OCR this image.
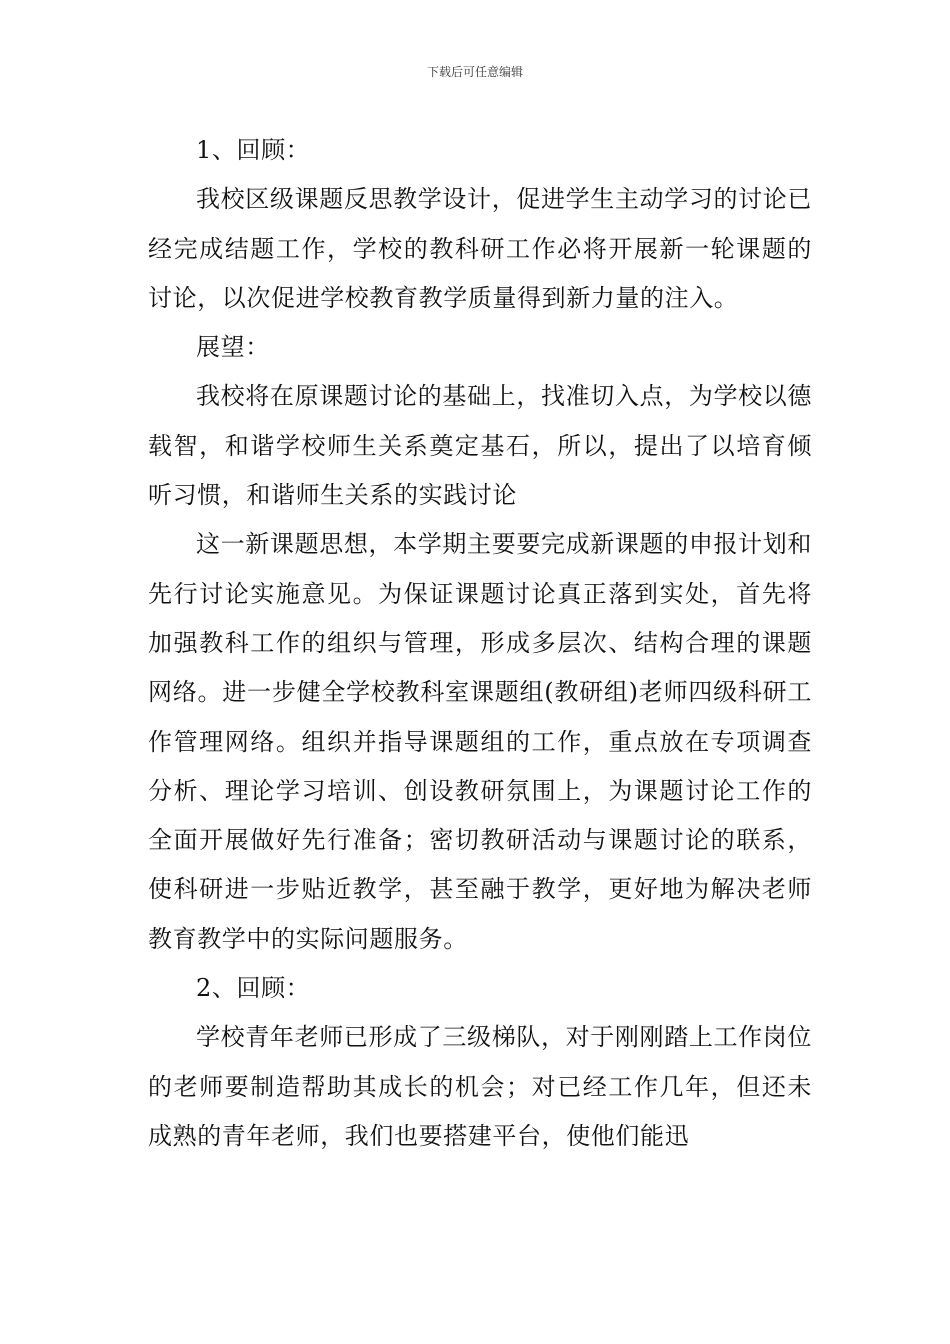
下载后可任意编辑

1、回顾：

我校区级课题反思教学设计，促进学生主动学习的讨论已经完成结题工作，学校的教科研工作必将开展新一轮课题的讨论，以次促进学校教育教学质量得到新力量的注入。

展望：

我校将在原课题讨论的基础上，找准切入点，为学校以德载智，和谐学校师生关系奠定基石，所以，提出了以培育倾听习惯，和谐师生关系的实践讨论

这一新课题思想，本学期主要要完成新课题的申报计划和先行讨论实施意见。为保证课题讨论真正落到实处，首先将加强教科工作的组织与管理，形成多层次、结构合理的课题网络。进一步健全学校教科室课题组(教研组)老师四级科研工作管理网络。组织并指导课题组的工作，重点放在专项调查分析、理论学习培训、创设教研氛围上，为课题讨论工作的全面开展做好先行准备；密切教研活动与课题讨论的联系，使科研进一步贴近教学，甚至融于教学，更好地为解决老师教育教学中的实际问题服务。

2、回顾：

学校青年老师已形成了三级梯队，对于刚刚踏上工作岗位的老师要制造帮助其成长的机会；对已经工作几年，但还未成熟的青年老师，我们也要搭建平台，使他们能迅
